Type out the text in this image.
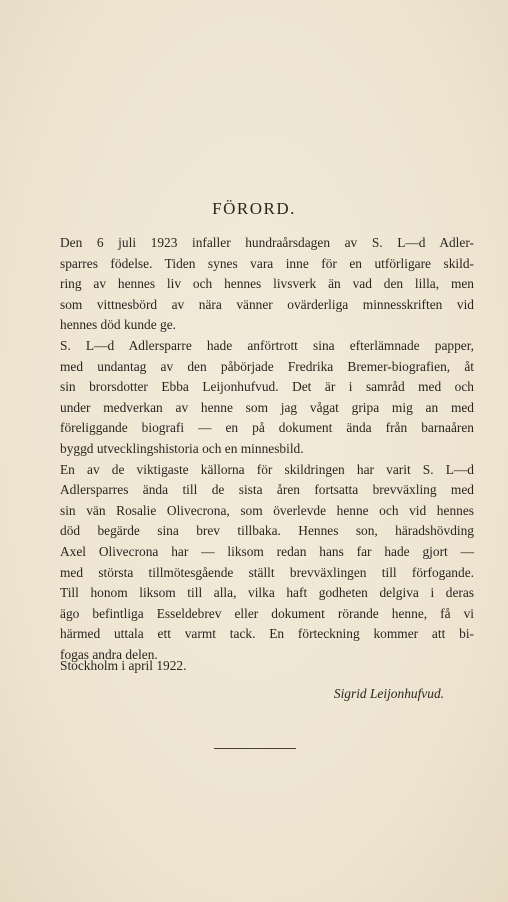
FÖRORD.

Den 6 juli 1923 infaller hundraårsdagen av S. L—d Adler-
sparres födelse. Tiden synes vara inne för en utförligare skild-
ring av hennes liv och hennes livsverk än vad den lilla, men
som vittnesbörd av nära vänner ovärderliga minnesskriften vid
hennes död kunde ge.

S. L—d Adlersparre hade anförtrott sina efterlämnade papper,
med undantag av den påbörjade Fredrika Bremer-biografien, åt
sin brorsdotter Ebba Leijonhufvud. Det är i samråd med och
under medverkan av henne som jag vågat gripa mig an med
föreliggande biografi — en på dokument ända från barnaåren
byggd utvecklingshistoria och en minnesbild.

En av de viktigaste källorna för skildringen har varit S. L—d
Adlersparres ända till de sista åren fortsatta brevväxling med
sin vän Rosalie Olivecrona, som överlevde henne och vid hennes
död begärde sina brev tillbaka. Hennes son, häradshövding
Axel Olivecrona har — liksom redan hans far hade gjort —
med största tillmötesgående ställt brevväxlingen till förfogande.
Till honom liksom till alla, vilka haft godheten delgiva i deras
ägo befintliga Esseldebrev eller dokument rörande henne, få vi
härmed uttala ett varmt tack. En förteckning kommer att bi-
fogas andra delen.

Stockholm i april 1922.
Sigrid Leijonhufvud.
